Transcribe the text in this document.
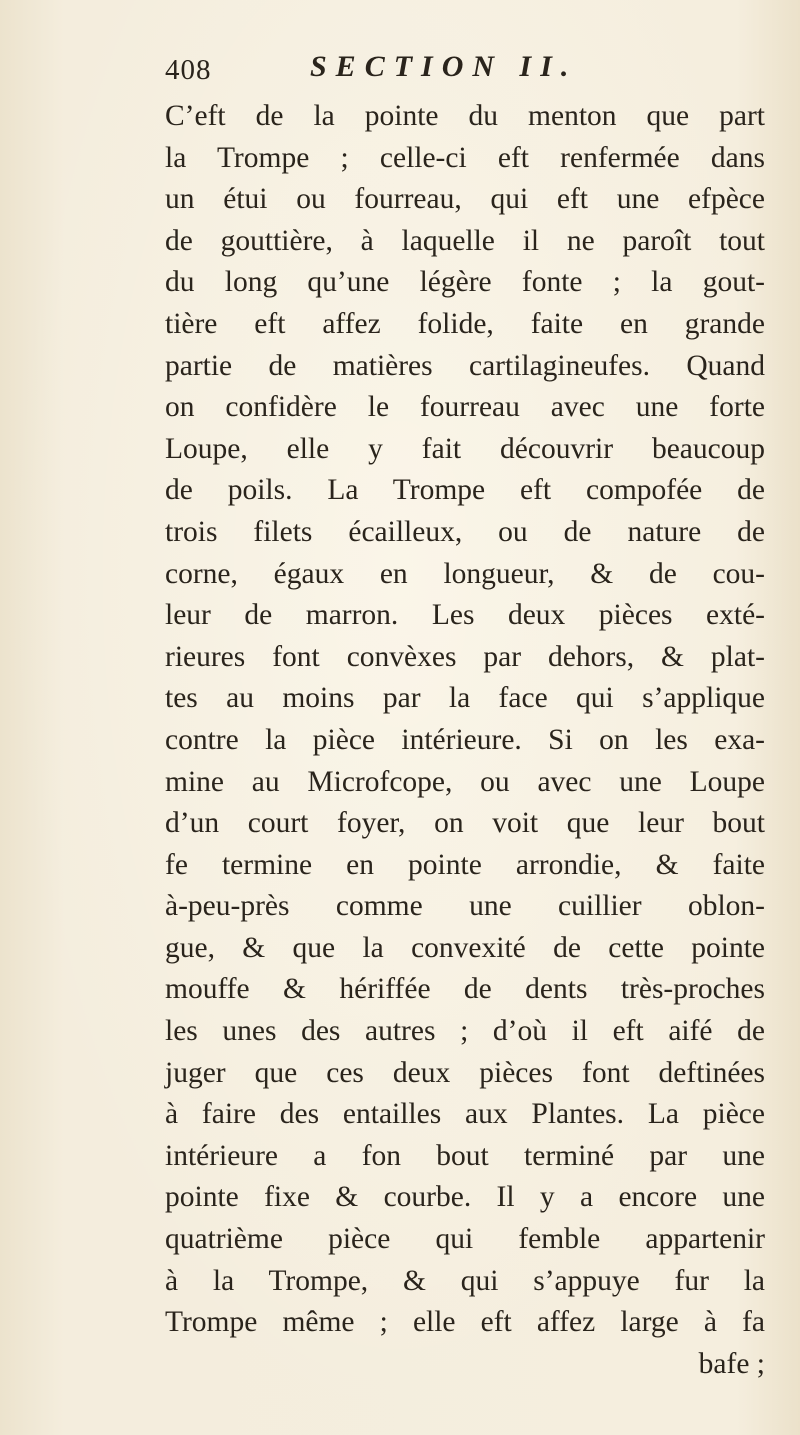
408	SECTION II.
C’eft de la pointe du menton que part
la Trompe ; celle-ci eft renfermée dans
un étui ou fourreau, qui eft une efpèce
de gouttière, à laquelle il ne paroît tout
du long qu’une légère fonte ; la gout-
tière eft affez folide, faite en grande
partie de matières cartilagineufes. Quand
on confidère le fourreau avec une forte
Loupe, elle y fait découvrir beaucoup
de poils. La Trompe eft compofée de
trois filets écailleux, ou de nature de
corne, égaux en longueur, & de cou-
leur de marron. Les deux pièces exté-
rieures font convèxes par dehors, & plat-
tes au moins par la face qui s’applique
contre la pièce intérieure. Si on les exa-
mine au Microfcope, ou avec une Loupe
d’un court foyer, on voit que leur bout
fe termine en pointe arrondie, & faite
à-peu-près comme une cuillier oblon-
gue, & que la convexité de cette pointe
mouffe & hériffée de dents très-proches
les unes des autres ; d’où il eft aifé de
juger que ces deux pièces font deftinées
à faire des entailles aux Plantes. La pièce
intérieure a fon bout terminé par une
pointe fixe & courbe. Il y a encore une
quatrième pièce qui femble appartenir
à la Trompe, & qui s’appuye fur la
Trompe même ; elle eft affez large à fa
bafe ;
